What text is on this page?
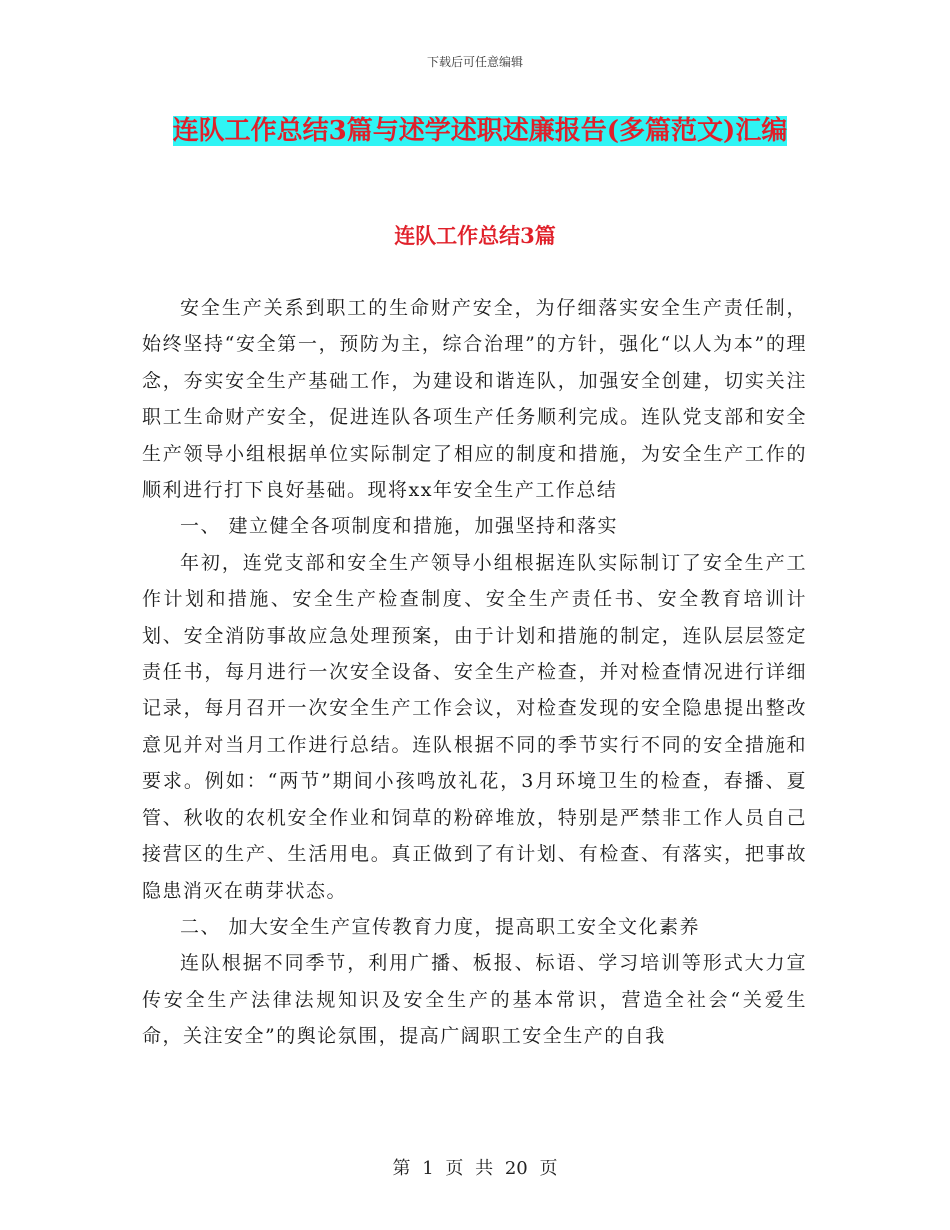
下载后可任意编辑
连队工作总结3篇与述学述职述廉报告(多篇范文)汇编
连队工作总结3篇

安全生产关系到职工的生命财产安全，为仔细落实安全生产责任制，始终坚持“安全第一，预防为主，综合治理”的方针，强化“以人为本”的理念，夯实安全生产基础工作，为建设和谐连队，加强安全创建，切实关注职工生命财产安全，促进连队各项生产任务顺利完成。连队党支部和安全生产领导小组根据单位实际制定了相应的制度和措施，为安全生产工作的顺利进行打下良好基础。现将xx年安全生产工作总结

一、 建立健全各项制度和措施，加强坚持和落实

年初，连党支部和安全生产领导小组根据连队实际制订了安全生产工作计划和措施、安全生产检查制度、安全生产责任书、安全教育培训计划、安全消防事故应急处理预案，由于计划和措施的制定，连队层层签定责任书，每月进行一次安全设备、安全生产检查，并对检查情况进行详细记录，每月召开一次安全生产工作会议，对检查发现的安全隐患提出整改意见并对当月工作进行总结。连队根据不同的季节实行不同的安全措施和要求。例如：“两节”期间小孩鸣放礼花，3月环境卫生的检查，春播、夏管、秋收的农机安全作业和饲草的粉碎堆放，特别是严禁非工作人员自己接营区的生产、生活用电。真正做到了有计划、有检查、有落实，把事故隐患消灭在萌芽状态。

二、 加大安全生产宣传教育力度，提高职工安全文化素养

连队根据不同季节，利用广播、板报、标语、学习培训等形式大力宣传安全生产法律法规知识及安全生产的基本常识，营造全社会“关爱生命，关注安全”的舆论氛围，提高广阔职工安全生产的自我

第 1 页 共 20 页
